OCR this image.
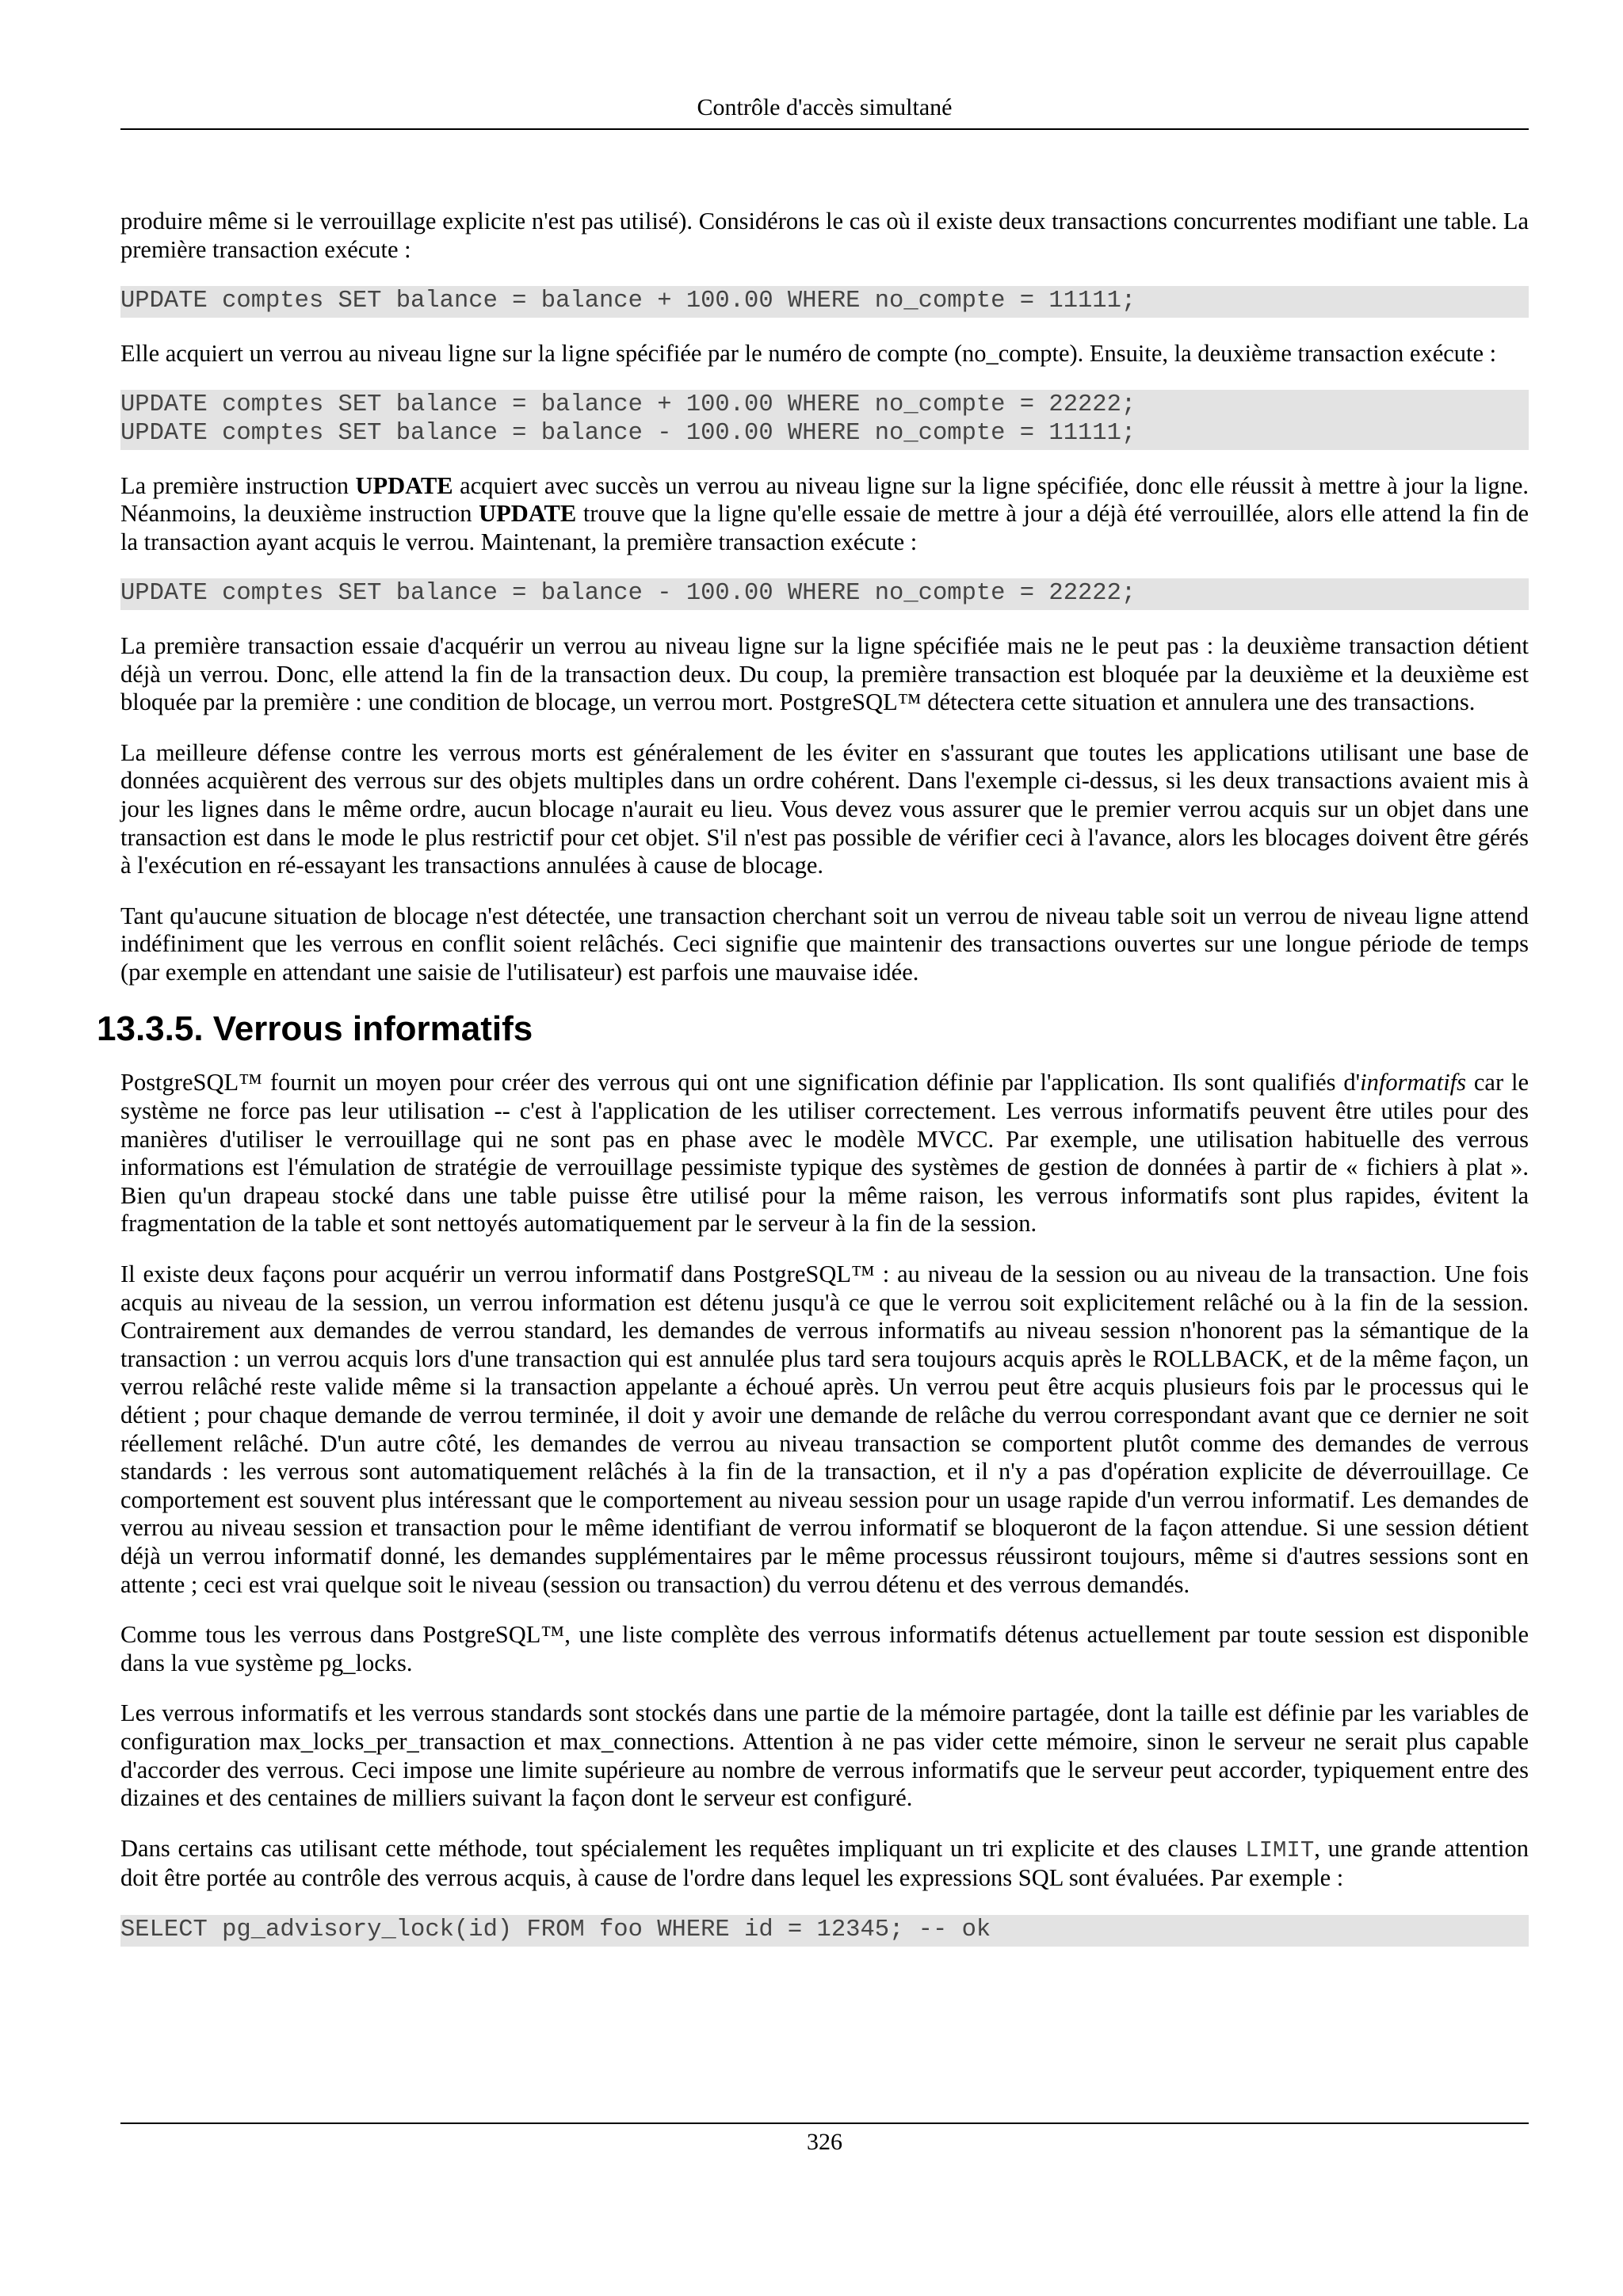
Contrôle d'accès simultané

produire même si le verrouillage explicite n'est pas utilisé). Considérons le cas où il existe deux transactions concurrentes modifiant une table. La première transaction exécute :

UPDATE comptes SET balance = balance + 100.00 WHERE no_compte = 11111;

Elle acquiert un verrou au niveau ligne sur la ligne spécifiée par le numéro de compte (no_compte). Ensuite, la deuxième transaction exécute :

UPDATE comptes SET balance = balance + 100.00 WHERE no_compte = 22222;
UPDATE comptes SET balance = balance - 100.00 WHERE no_compte = 11111;

La première instruction UPDATE acquiert avec succès un verrou au niveau ligne sur la ligne spécifiée, donc elle réussit à mettre à jour la ligne. Néanmoins, la deuxième instruction UPDATE trouve que la ligne qu'elle essaie de mettre à jour a déjà été verrouillée, alors elle attend la fin de la transaction ayant acquis le verrou. Maintenant, la première transaction exécute :

UPDATE comptes SET balance = balance - 100.00 WHERE no_compte = 22222;

La première transaction essaie d'acquérir un verrou au niveau ligne sur la ligne spécifiée mais ne le peut pas : la deuxième transaction détient déjà un verrou. Donc, elle attend la fin de la transaction deux. Du coup, la première transaction est bloquée par la deuxième et la deuxième est bloquée par la première : une condition de blocage, un verrou mort. PostgreSQL™ détectera cette situation et annulera une des transactions.

La meilleure défense contre les verrous morts est généralement de les éviter en s'assurant que toutes les applications utilisant une base de données acquièrent des verrous sur des objets multiples dans un ordre cohérent. Dans l'exemple ci-dessus, si les deux transactions avaient mis à jour les lignes dans le même ordre, aucun blocage n'aurait eu lieu. Vous devez vous assurer que le premier verrou acquis sur un objet dans une transaction est dans le mode le plus restrictif pour cet objet. S'il n'est pas possible de vérifier ceci à l'avance, alors les blocages doivent être gérés à l'exécution en ré-essayant les transactions annulées à cause de blocage.

Tant qu'aucune situation de blocage n'est détectée, une transaction cherchant soit un verrou de niveau table soit un verrou de niveau ligne attend indéfiniment que les verrous en conflit soient relâchés. Ceci signifie que maintenir des transactions ouvertes sur une longue période de temps (par exemple en attendant une saisie de l'utilisateur) est parfois une mauvaise idée.

13.3.5. Verrous informatifs

PostgreSQL™ fournit un moyen pour créer des verrous qui ont une signification définie par l'application. Ils sont qualifiés d'informatifs car le système ne force pas leur utilisation -- c'est à l'application de les utiliser correctement. Les verrous informatifs peuvent être utiles pour des manières d'utiliser le verrouillage qui ne sont pas en phase avec le modèle MVCC. Par exemple, une utilisation habituelle des verrous informations est l'émulation de stratégie de verrouillage pessimiste typique des systèmes de gestion de données à partir de « fichiers à plat ». Bien qu'un drapeau stocké dans une table puisse être utilisé pour la même raison, les verrous informatifs sont plus rapides, évitent la fragmentation de la table et sont nettoyés automatiquement par le serveur à la fin de la session.

Il existe deux façons pour acquérir un verrou informatif dans PostgreSQL™ : au niveau de la session ou au niveau de la transaction. Une fois acquis au niveau de la session, un verrou information est détenu jusqu'à ce que le verrou soit explicitement relâché ou à la fin de la session. Contrairement aux demandes de verrou standard, les demandes de verrous informatifs au niveau session n'honorent pas la sémantique de la transaction : un verrou acquis lors d'une transaction qui est annulée plus tard sera toujours acquis après le ROLLBACK, et de la même façon, un verrou relâché reste valide même si la transaction appelante a échoué après. Un verrou peut être acquis plusieurs fois par le processus qui le détient ; pour chaque demande de verrou terminée, il doit y avoir une demande de relâche du verrou correspondant avant que ce dernier ne soit réellement relâché. D'un autre côté, les demandes de verrou au niveau transaction se comportent plutôt comme des demandes de verrous standards : les verrous sont automatiquement relâchés à la fin de la transaction, et il n'y a pas d'opération explicite de déverrouillage. Ce comportement est souvent plus intéressant que le comportement au niveau session pour un usage rapide d'un verrou informatif. Les demandes de verrou au niveau session et transaction pour le même identifiant de verrou informatif se bloqueront de la façon attendue. Si une session détient déjà un verrou informatif donné, les demandes supplémentaires par le même processus réussiront toujours, même si d'autres sessions sont en attente ; ceci est vrai quelque soit le niveau (session ou transaction) du verrou détenu et des verrous demandés.

Comme tous les verrous dans PostgreSQL™, une liste complète des verrous informatifs détenus actuellement par toute session est disponible dans la vue système pg_locks.

Les verrous informatifs et les verrous standards sont stockés dans une partie de la mémoire partagée, dont la taille est définie par les variables de configuration max_locks_per_transaction et max_connections. Attention à ne pas vider cette mémoire, sinon le serveur ne serait plus capable d'accorder des verrous. Ceci impose une limite supérieure au nombre de verrous informatifs que le serveur peut accorder, typiquement entre des dizaines et des centaines de milliers suivant la façon dont le serveur est configuré.

Dans certains cas utilisant cette méthode, tout spécialement les requêtes impliquant un tri explicite et des clauses LIMIT, une grande attention doit être portée au contrôle des verrous acquis, à cause de l'ordre dans lequel les expressions SQL sont évaluées. Par exemple :

SELECT pg_advisory_lock(id) FROM foo WHERE id = 12345; -- ok
326
